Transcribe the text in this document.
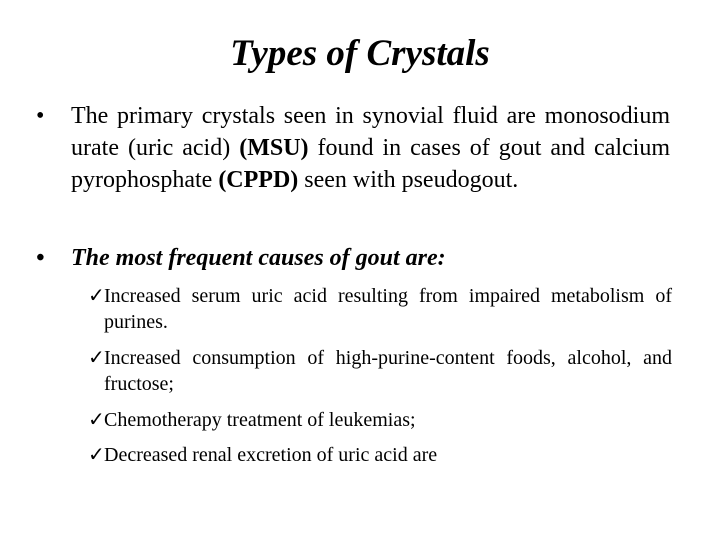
Types of Crystals
•	The primary crystals seen in synovial fluid are monosodium urate (uric acid) (MSU) found in cases of gout and calcium pyrophosphate (CPPD) seen with pseudogout.
•	The most frequent causes of gout are:
✓ Increased serum uric acid resulting from impaired metabolism of purines.
✓ Increased consumption of high-purine-content foods, alcohol, and fructose;
✓ Chemotherapy treatment of leukemias;
✓ Decreased renal excretion of uric acid are
